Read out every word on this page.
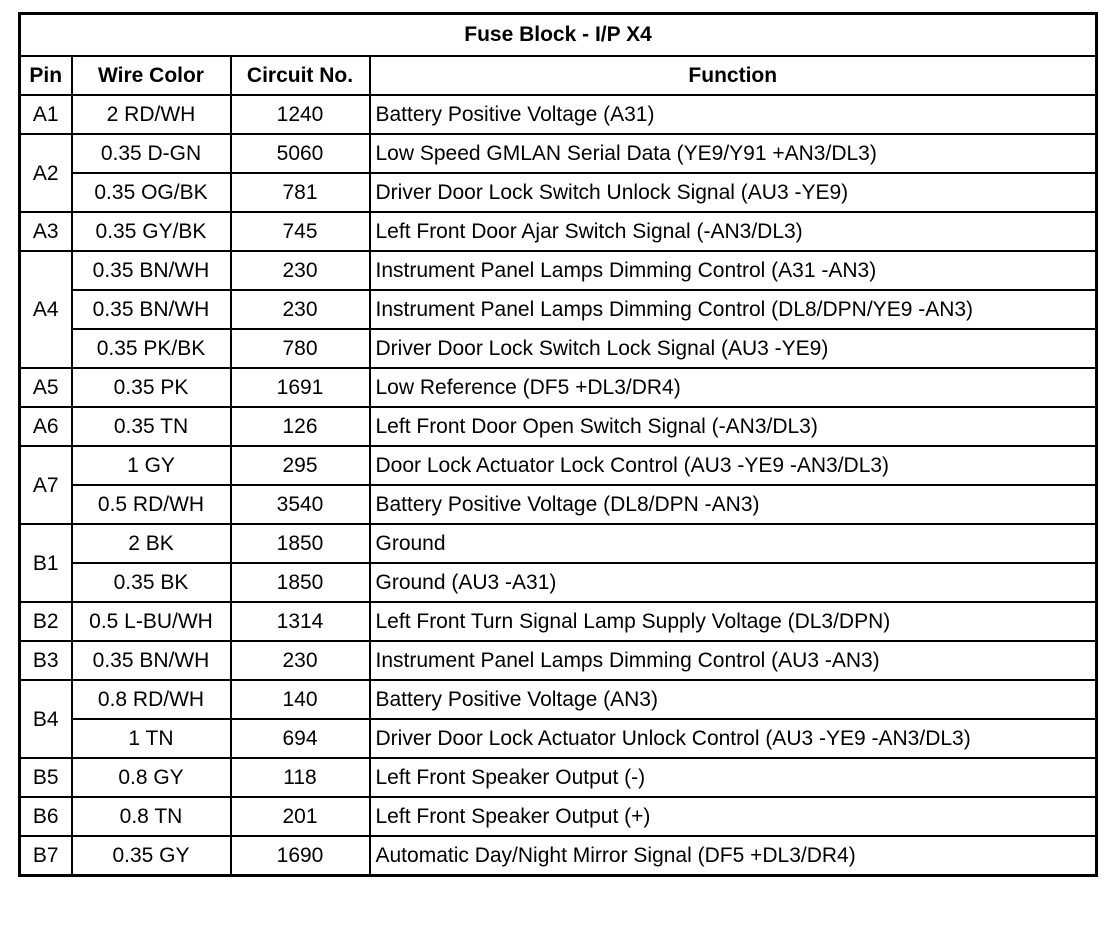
Fuse Block - I/P X4			
Pin	Wire Color	Circuit No.	Function
A1	2 RD/WH	1240	Battery Positive Voltage (A31)
A2	0.35 D-GN	5060	Low Speed GMLAN Serial Data (YE9/Y91 +AN3/DL3)
	0.35 OG/BK	781	Driver Door Lock Switch Unlock Signal (AU3 -YE9)
A3	0.35 GY/BK	745	Left Front Door Ajar Switch Signal (-AN3/DL3)
A4	0.35 BN/WH	230	Instrument Panel Lamps Dimming Control (A31 -AN3)
	0.35 BN/WH	230	Instrument Panel Lamps Dimming Control (DL8/DPN/YE9 -AN3)
	0.35 PK/BK	780	Driver Door Lock Switch Lock Signal (AU3 -YE9)
A5	0.35 PK	1691	Low Reference (DF5 +DL3/DR4)
A6	0.35 TN	126	Left Front Door Open Switch Signal (-AN3/DL3)
A7	1 GY	295	Door Lock Actuator Lock Control (AU3 -YE9 -AN3/DL3)
	0.5 RD/WH	3540	Battery Positive Voltage (DL8/DPN -AN3)
B1	2 BK	1850	Ground
	0.35 BK	1850	Ground (AU3 -A31)
B2	0.5 L-BU/WH	1314	Left Front Turn Signal Lamp Supply Voltage (DL3/DPN)
B3	0.35 BN/WH	230	Instrument Panel Lamps Dimming Control (AU3 -AN3)
B4	0.8 RD/WH	140	Battery Positive Voltage (AN3)
	1 TN	694	Driver Door Lock Actuator Unlock Control (AU3 -YE9 -AN3/DL3)
B5	0.8 GY	118	Left Front Speaker Output (-)
B6	0.8 TN	201	Left Front Speaker Output (+)
B7	0.35 GY	1690	Automatic Day/Night Mirror Signal (DF5 +DL3/DR4)
